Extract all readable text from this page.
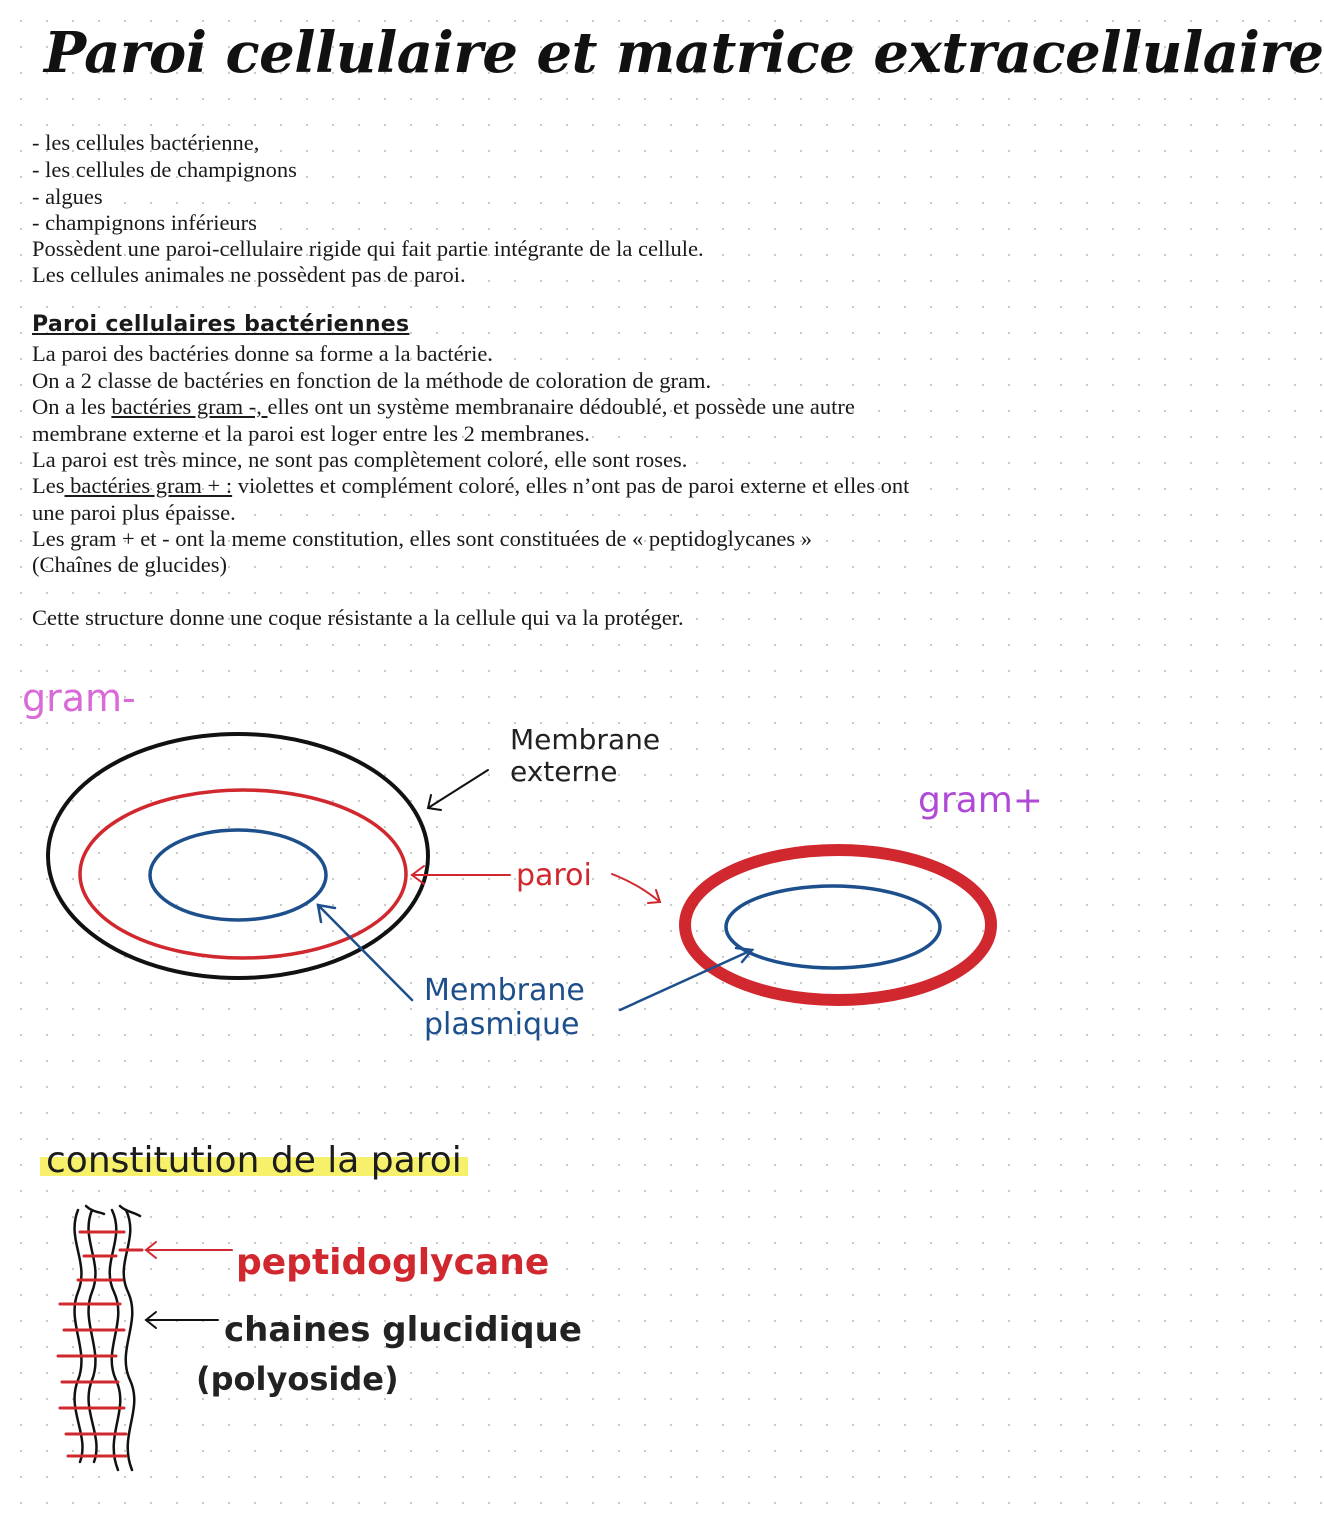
Paroi cellulaire et matrice extracellulaire
- les cellules bactérienne,
- les cellules de champignons
- algues
- champignons inférieurs
Possèdent une paroi-cellulaire rigide qui fait partie intégrante de la cellule.
Les cellules animales ne possèdent pas de paroi.
Paroi cellulaires bactériennes
La paroi des bactéries donne sa forme a la bactérie.
On a 2 classe de bactéries en fonction de la méthode de coloration de gram.
On a les bactéries gram -, elles ont un système membranaire dédoublé, et possède une autre
membrane externe et la paroi est loger entre les 2 membranes.
La paroi est très mince, ne sont pas complètement coloré, elle sont roses.
Les bactéries gram + : violettes et complément coloré, elles n’ont pas de paroi externe et elles ont
une paroi plus épaisse.
Les gram + et - ont la meme constitution, elles sont constituées de « peptidoglycanes »
(Chaînes de glucides)
Cette structure donne une coque résistante a la cellule qui va la protéger.
gram-
gram+
Membrane
externe
paroi
Membrane
plasmique
constitution de la paroi
peptidoglycane
chaines glucidique
(polyoside)
